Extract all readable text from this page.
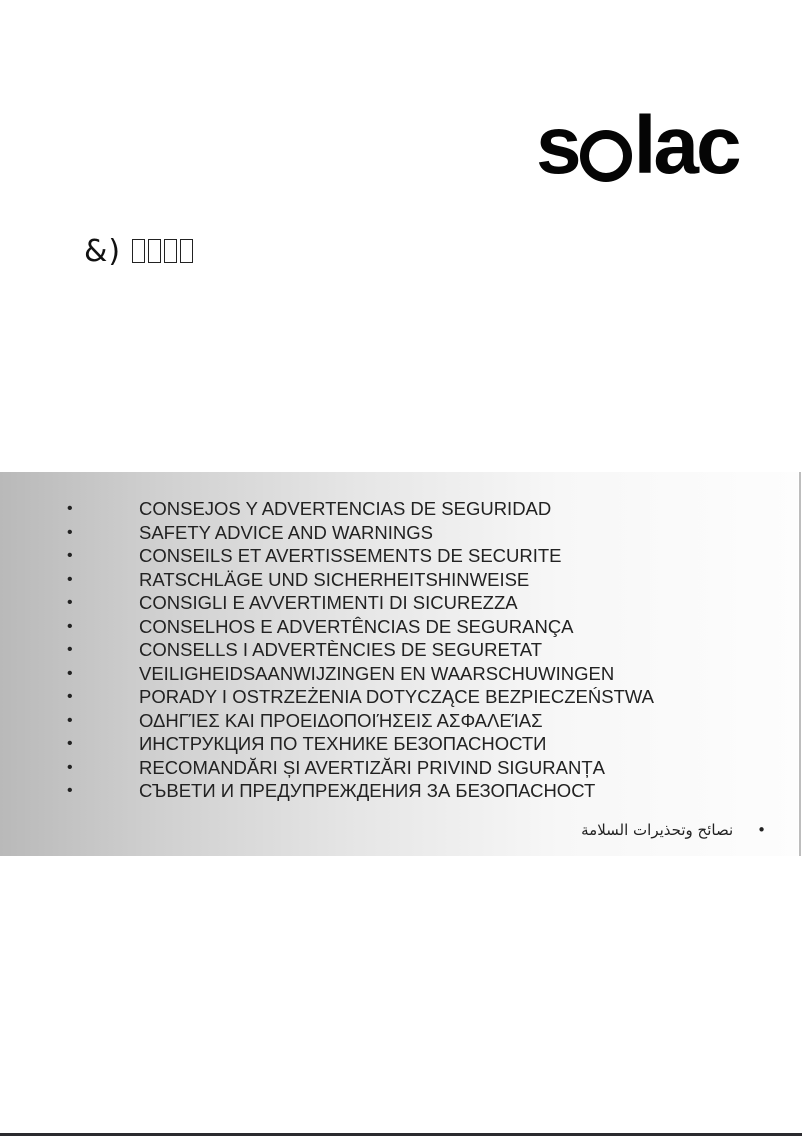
s lac
&)
•	CONSEJOS Y ADVERTENCIAS DE SEGURIDAD
•	SAFETY ADVICE AND WARNINGS
•	CONSEILS ET AVERTISSEMENTS DE SECURITE
•	RATSCHLÄGE UND SICHERHEITSHINWEISE
•	CONSIGLI E AVVERTIMENTI DI SICUREZZA
•	CONSELHOS E ADVERTÊNCIAS DE SEGURANÇA
•	CONSELLS I ADVERTÈNCIES DE SEGURETAT
•	VEILIGHEIDSAANWIJZINGEN EN WAARSCHUWINGEN
•	PORADY I OSTRZEŻENIA DOTYCZĄCE BEZPIECZEŃSTWA
•	ΟΔΗΓΊΕΣ ΚΑΙ ΠΡΟΕΙΔΟΠΟΙΉΣΕΙΣ ΑΣΦΑΛΕΊΑΣ
•	ИНСТРУКЦИЯ ПО ТЕХНИКЕ БЕЗОПАСНОСТИ
•	RECOMANDĂRI ȘI AVERTIZĂRI PRIVIND SIGURANȚA
•	СЪВЕТИ И ПРЕДУПРЕЖДЕНИЯ ЗА БЕЗОПАСНОСТ
نصائح وتحذيرات السلامة •
